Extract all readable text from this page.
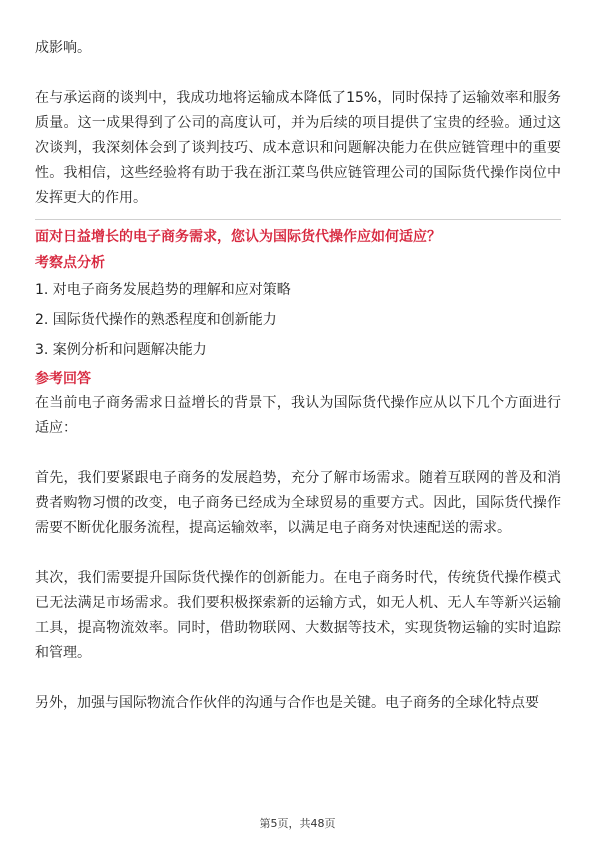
成影响。

在与承运商的谈判中，我成功地将运输成本降低了15%，同时保持了运输效率和服务质量。这一成果得到了公司的高度认可，并为后续的项目提供了宝贵的经验。通过这次谈判，我深刻体会到了谈判技巧、成本意识和问题解决能力在供应链管理中的重要性。我相信，这些经验将有助于我在浙江菜鸟供应链管理公司的国际货代操作岗位中发挥更大的作用。

面对日益增长的电子商务需求，您认为国际货代操作应如何适应？

考察点分析

1. 对电子商务发展趋势的理解和应对策略

2. 国际货代操作的熟悉程度和创新能力

3. 案例分析和问题解决能力

参考回答

在当前电子商务需求日益增长的背景下，我认为国际货代操作应从以下几个方面进行适应：

首先，我们要紧跟电子商务的发展趋势，充分了解市场需求。随着互联网的普及和消费者购物习惯的改变，电子商务已经成为全球贸易的重要方式。因此，国际货代操作需要不断优化服务流程，提高运输效率，以满足电子商务对快速配送的需求。

其次，我们需要提升国际货代操作的创新能力。在电子商务时代，传统货代操作模式已无法满足市场需求。我们要积极探索新的运输方式，如无人机、无人车等新兴运输工具，提高物流效率。同时，借助物联网、大数据等技术，实现货物运输的实时追踪和管理。

另外，加强与国际物流合作伙伴的沟通与合作也是关键。电子商务的全球化特点要

第5页，共48页
